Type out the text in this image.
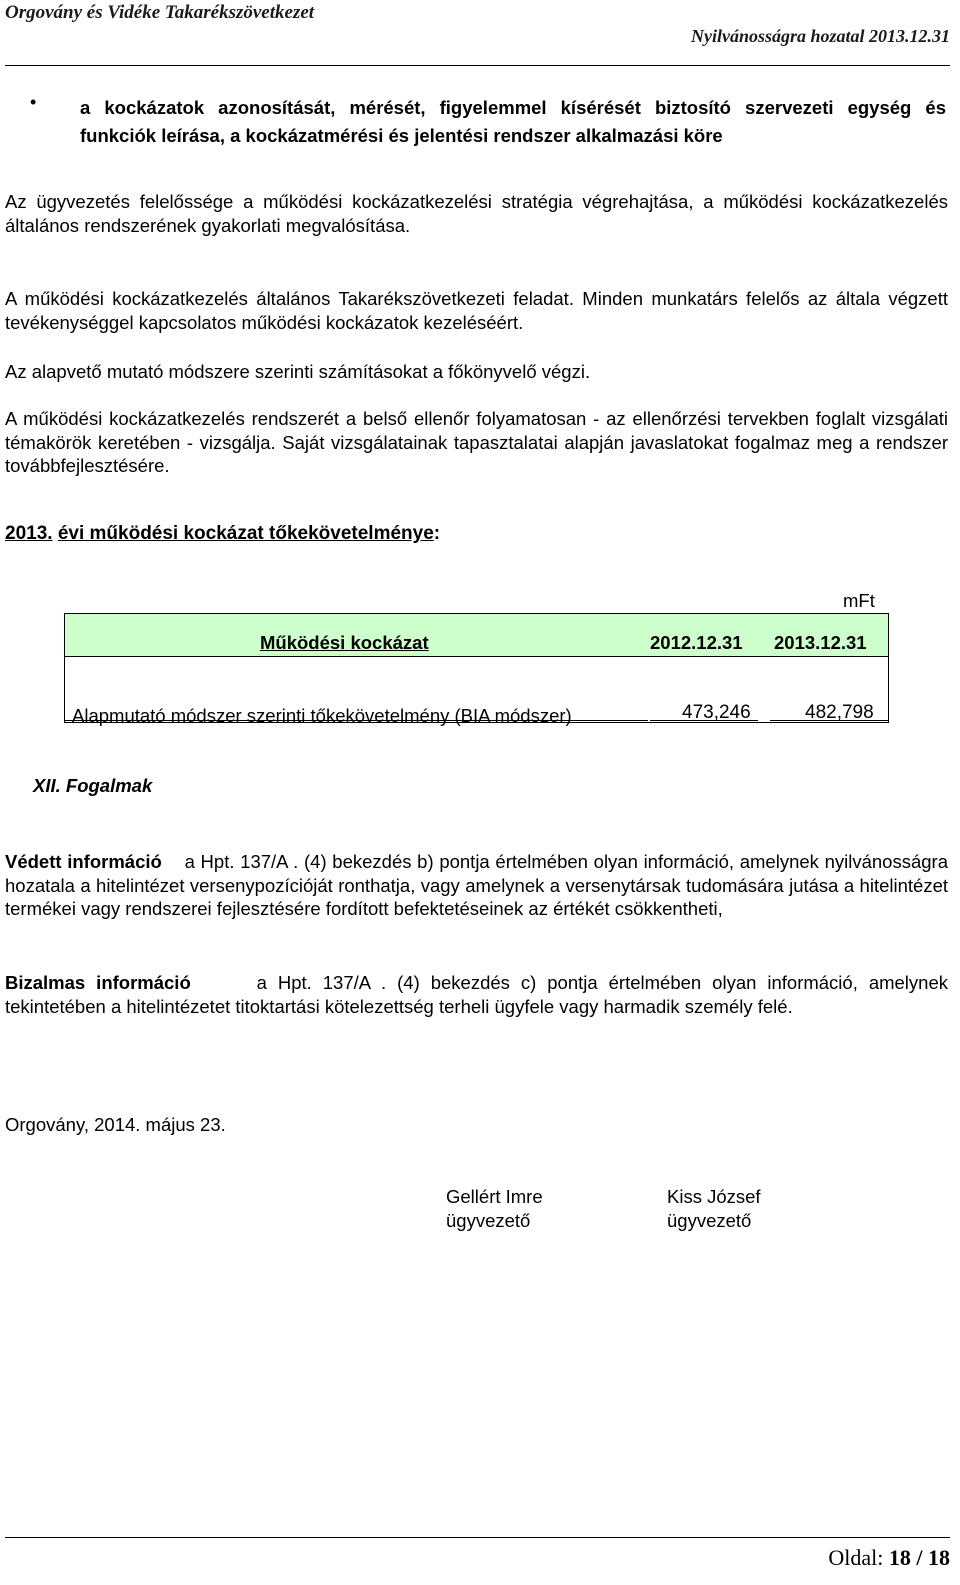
Orgovány és Vidéke Takarékszövetkezet
Nyilvánosságra hozatal 2013.12.31
• a kockázatok azonosítását, mérését, figyelemmel kísérését biztosító szervezeti egység és funkciók leírása, a kockázatmérési és jelentési rendszer alkalmazási köre
Az ügyvezetés felelőssége a működési kockázatkezelési stratégia végrehajtása, a működési kockázatkezelés általános rendszerének gyakorlati megvalósítása.
A működési kockázatkezelés általános Takarékszövetkezeti feladat. Minden munkatárs felelős az általa végzett tevékenységgel kapcsolatos működési kockázatok kezeléséért.
Az alapvető mutató módszere szerinti számításokat a főkönyvelő végzi.
A működési kockázatkezelés rendszerét a belső ellenőr folyamatosan - az ellenőrzési tervekben foglalt vizsgálati témakörök keretében - vizsgálja. Saját vizsgálatainak tapasztalatai alapján javaslatokat fogalmaz meg a rendszer továbbfejlesztésére.
2013. évi működési kockázat tőkekövetelménye:
mFt
Működési kockázat	2012.12.31 2013.12.31
Alapmutató módszer szerinti tőkekövetelmény (BIA módszer)	473,246	482,798
XII. Fogalmak
Védett információ a Hpt. 137/A . (4) bekezdés b) pontja értelmében olyan információ, amelynek nyilvánosságra hozatala a hitelintézet versenypozícióját ronthatja, vagy amelynek a versenytársak tudomására jutása a hitelintézet termékei vagy rendszerei fejlesztésére fordított befektetéseinek az értékét csökkentheti,
Bizalmas információ	a Hpt. 137/A . (4) bekezdés c) pontja értelmében olyan információ, amelynek tekintetében a hitelintézetet titoktartási kötelezettség terheli ügyfele vagy harmadik személy felé.
Orgovány, 2014. május 23.
Gellért Imre
ügyvezető
Kiss József
ügyvezető
Oldal: 18 / 18
